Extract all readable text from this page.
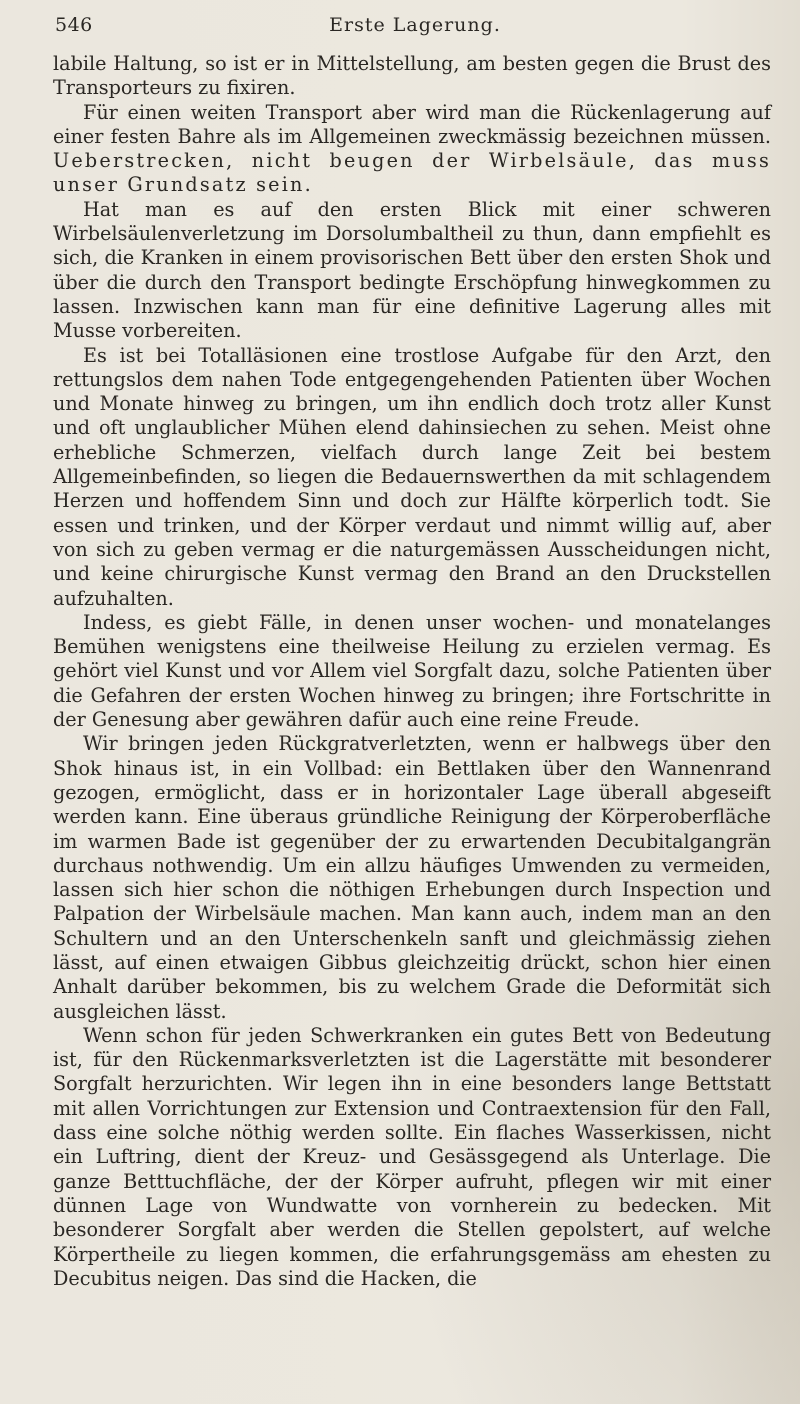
546	Erste Lagerung.

labile Haltung, so ist er in Mittelstellung, am besten gegen die Brust des Transporteurs zu fixiren.

Für einen weiten Transport aber wird man die Rückenlagerung auf einer festen Bahre als im Allgemeinen zweckmässig bezeichnen müssen. Ueberstrecken, nicht beugen der Wirbelsäule, das muss unser Grundsatz sein.

Hat man es auf den ersten Blick mit einer schweren Wirbelsäulenverletzung im Dorsolumbaltheil zu thun, dann empfiehlt es sich, die Kranken in einem provisorischen Bett über den ersten Shok und über die durch den Transport bedingte Erschöpfung hinwegkommen zu lassen. Inzwischen kann man für eine definitive Lagerung alles mit Musse vorbereiten.

Es ist bei Totalläsionen eine trostlose Aufgabe für den Arzt, den rettungslos dem nahen Tode entgegengehenden Patienten über Wochen und Monate hinweg zu bringen, um ihn endlich doch trotz aller Kunst und oft unglaublicher Mühen elend dahinsiechen zu sehen. Meist ohne erhebliche Schmerzen, vielfach durch lange Zeit bei bestem Allgemeinbefinden, so liegen die Bedauernswerthen da mit schlagendem Herzen und hoffendem Sinn und doch zur Hälfte körperlich todt. Sie essen und trinken, und der Körper verdaut und nimmt willig auf, aber von sich zu geben vermag er die naturgemässen Ausscheidungen nicht, und keine chirurgische Kunst vermag den Brand an den Druckstellen aufzuhalten.

Indess, es giebt Fälle, in denen unser wochen- und monatelanges Bemühen wenigstens eine theilweise Heilung zu erzielen vermag. Es gehört viel Kunst und vor Allem viel Sorgfalt dazu, solche Patienten über die Gefahren der ersten Wochen hinweg zu bringen; ihre Fortschritte in der Genesung aber gewähren dafür auch eine reine Freude.

Wir bringen jeden Rückgratverletzten, wenn er halbwegs über den Shok hinaus ist, in ein Vollbad: ein Bettlaken über den Wannenrand gezogen, ermöglicht, dass er in horizontaler Lage überall abgeseift werden kann. Eine überaus gründliche Reinigung der Körperoberfläche im warmen Bade ist gegenüber der zu erwartenden Decubitalgangrän durchaus nothwendig. Um ein allzu häufiges Umwenden zu vermeiden, lassen sich hier schon die nöthigen Erhebungen durch Inspection und Palpation der Wirbelsäule machen. Man kann auch, indem man an den Schultern und an den Unterschenkeln sanft und gleichmässig ziehen lässt, auf einen etwaigen Gibbus gleichzeitig drückt, schon hier einen Anhalt darüber bekommen, bis zu welchem Grade die Deformität sich ausgleichen lässt.

Wenn schon für jeden Schwerkranken ein gutes Bett von Bedeutung ist, für den Rückenmarksverletzten ist die Lagerstätte mit besonderer Sorgfalt herzurichten. Wir legen ihn in eine besonders lange Bettstatt mit allen Vorrichtungen zur Extension und Contraextension für den Fall, dass eine solche nöthig werden sollte. Ein flaches Wasserkissen, nicht ein Luftring, dient der Kreuz- und Gesässgegend als Unterlage. Die ganze Betttuchfläche, der der Körper aufruht, pflegen wir mit einer dünnen Lage von Wundwatte von vornherein zu bedecken. Mit besonderer Sorgfalt aber werden die Stellen gepolstert, auf welche Körpertheile zu liegen kommen, die erfahrungsgemäss am ehesten zu Decubitus neigen. Das sind die Hacken, die
